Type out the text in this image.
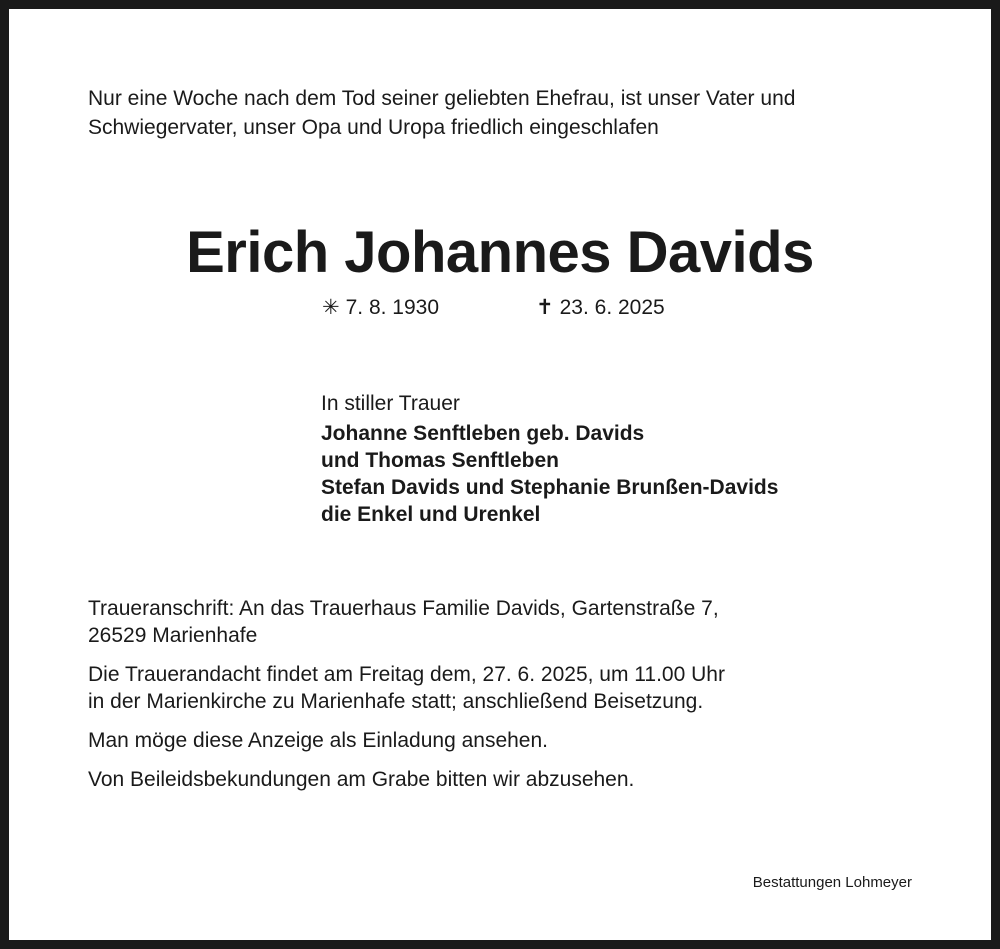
Nur eine Woche nach dem Tod seiner geliebten Ehefrau, ist unser Vater und
Schwiegervater, unser Opa und Uropa friedlich eingeschlafen

Erich Johannes Davids

✳ 7. 8. 1930	✝ 23. 6. 2025

In stiller Trauer

Johanne Senftleben geb. Davids
und Thomas Senftleben
Stefan Davids und Stephanie Brunßen-Davids
die Enkel und Urenkel

Traueranschrift: An das Trauerhaus Familie Davids, Gartenstraße 7,
26529 Marienhafe

Die Trauerandacht findet am Freitag dem, 27. 6. 2025, um 11.00 Uhr
in der Marienkirche zu Marienhafe statt; anschließend Beisetzung.

Man möge diese Anzeige als Einladung ansehen.

Von Beileidsbekundungen am Grabe bitten wir abzusehen.

Bestattungen Lohmeyer
